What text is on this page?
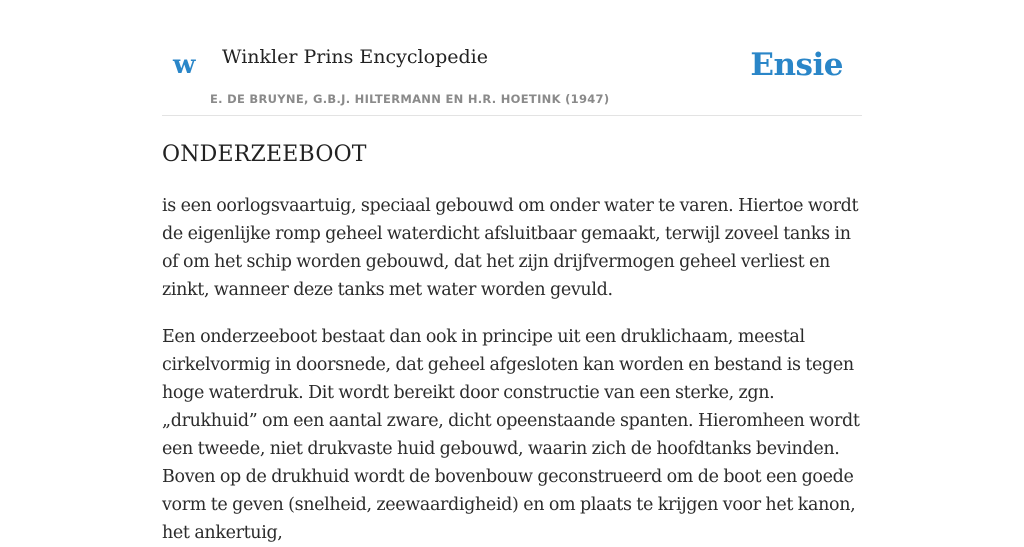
w Winkler Prins Encyclopedie
E. DE BRUYNE, G.B.J. HILTERMANN EN H.R. HOETINK (1947)
Ensie
ONDERZEEBOOT

is een oorlogsvaartuig, speciaal gebouwd om onder water te varen. Hiertoe wordt de eigenlijke romp geheel waterdicht afsluitbaar gemaakt, terwijl zoveel tanks in of om het schip worden gebouwd, dat het zijn drijfvermogen geheel verliest en zinkt, wanneer deze tanks met water worden gevuld.

Een onderzeeboot bestaat dan ook in principe uit een druklichaam, meestal cirkelvormig in doorsnede, dat geheel afgesloten kan worden en bestand is tegen hoge waterdruk. Dit wordt bereikt door constructie van een sterke, zgn. „drukhuid” om een aantal zware, dicht opeenstaande spanten. Hieromheen wordt een tweede, niet drukvaste huid gebouwd, waarin zich de hoofdtanks bevinden. Boven op de drukhuid wordt de bovenbouw geconstrueerd om de boot een goede vorm te geven (snelheid, zeewaardigheid) en om plaats te krijgen voor het kanon, het ankertuig,
